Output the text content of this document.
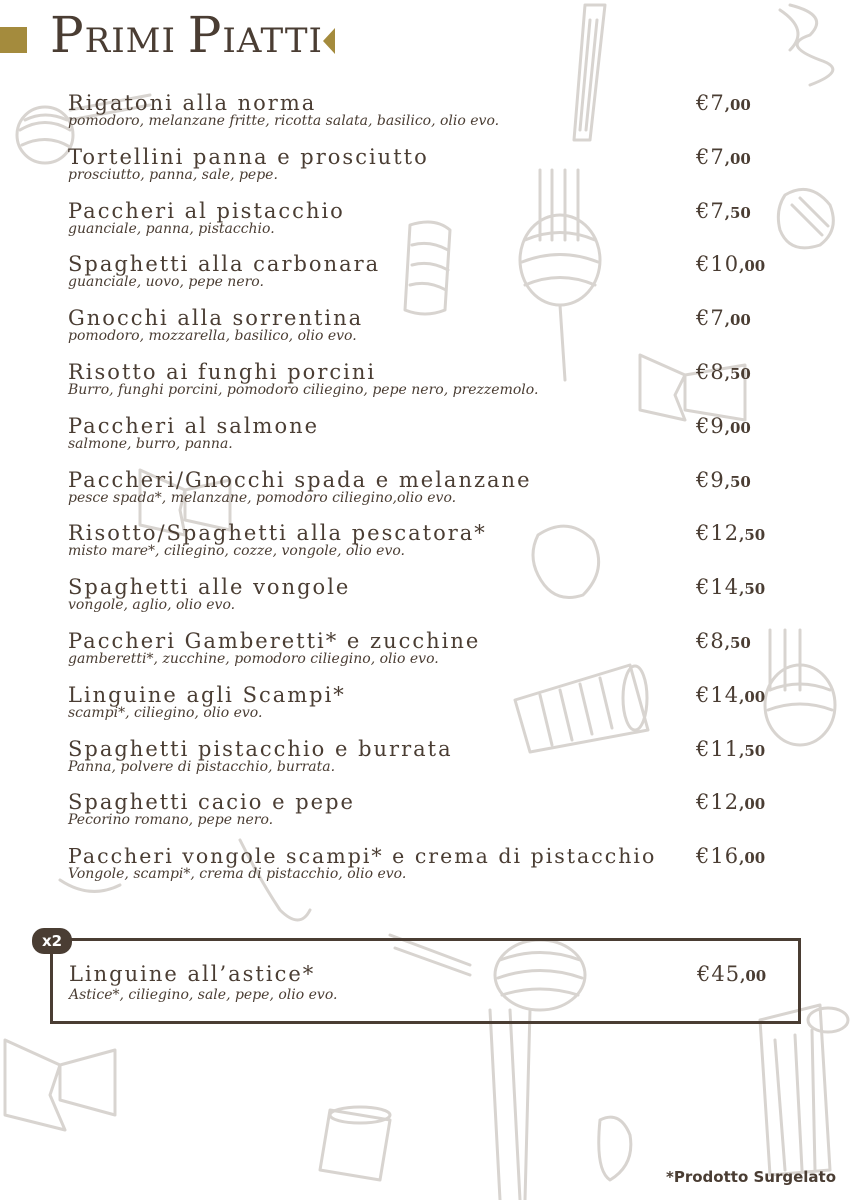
PRIMI PIATTI
Rigatoni alla norma
pomodoro, melanzane fritte, ricotta salata, basilico, olio evo.
€7,00
Tortellini panna e prosciutto
prosciutto, panna, sale, pepe.
€7,00
Paccheri al pistacchio
guanciale, panna, pistacchio.
€7,50
Spaghetti alla carbonara
guanciale, uovo, pepe nero.
€10,00
Gnocchi alla sorrentina
pomodoro, mozzarella, basilico, olio evo.
€7,00
Risotto ai funghi porcini
Burro, funghi porcini, pomodoro ciliegino, pepe nero, prezzemolo.
€8,50
Paccheri al salmone
salmone, burro, panna.
€9,00
Paccheri/Gnocchi spada e melanzane
pesce spada*, melanzane, pomodoro ciliegino,olio evo.
€9,50
Risotto/Spaghetti alla pescatora*
misto mare*, ciliegino, cozze, vongole, olio evo.
€12,50
Spaghetti alle vongole
vongole, aglio, olio evo.
€14,50
Paccheri Gamberetti* e zucchine
gamberetti*, zucchine, pomodoro ciliegino, olio evo.
€8,50
Linguine agli Scampi*
scampi*, ciliegino, olio evo.
€14,00
Spaghetti pistacchio e burrata
Panna, polvere di pistacchio, burrata.
€11,50
Spaghetti cacio e pepe
Pecorino romano, pepe nero.
€12,00
Paccheri vongole scampi* e crema di pistacchio
Vongole, scampi*, crema di pistacchio, olio evo.
€16,00
Linguine all’astice*
Astice*, ciliegino, sale, pepe, olio evo.
€45,00
x2
*Prodotto Surgelato
